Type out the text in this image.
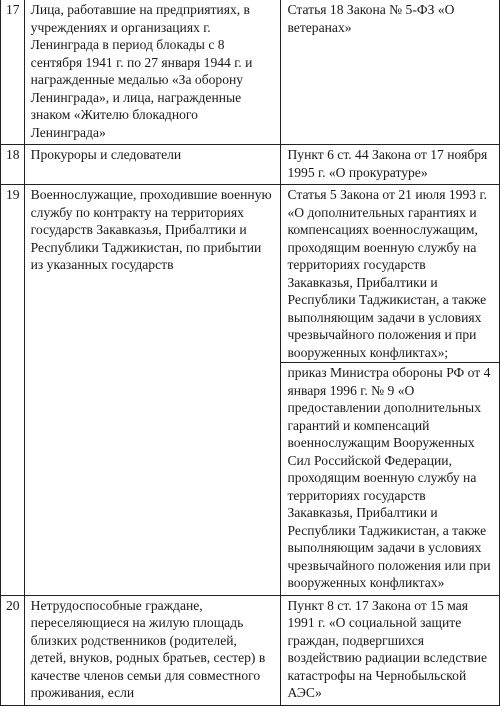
17	Лица, работавшие на предприятиях, в учреждениях и организациях г. Ленинграда в период блокады с 8 сентября 1941 г. по 27 января 1944 г. и награжденные медалью «За оборону Ленинграда», и лица, награжденные знаком «Жителю блокадного Ленинграда»	Статья 18 Закона № 5-ФЗ «О ветеранах»

18	Прокуроры и следователи	Пункт 6 ст. 44 Закона от 17 ноября 1995 г. «О прокуратуре»

19	Военнослужащие, проходившие военную службу по контракту на территориях государств Закавказья, Прибалтики и Республики Таджикистан, по прибытии из указанных государств	Статья 5 Закона от 21 июля 1993 г. «О дополнительных гарантиях и компенсациях военнослужащим, проходящим военную службу на территориях государств Закавказья, Прибалтики и Республики Таджикистан, а также выполняющим задачи в условиях чрезвычайного положения и при вооруженных конфликтах»;
приказ Министра обороны РФ от 4 января 1996 г. № 9 «О предоставлении дополнительных гарантий и компенсаций военнослужащим Вооруженных Сил Российской Федерации, проходящим военную службу на территориях государств Закавказья, Прибалтики и Республики Таджикистан, а также выполняющим задачи в условиях чрезвычайного положения или при вооруженных конфликтах»

20	Нетрудоспособные граждане, переселяющиеся на жилую площадь близких родственников (родителей, детей, внуков, родных братьев, сестер) в качестве членов семьи для совместного проживания, если	Пункт 8 ст. 17 Закона от 15 мая 1991 г. «О социальной защите граждан, подвергшихся воздействию радиации вследствие катастрофы на Чернобыльской АЭС»
